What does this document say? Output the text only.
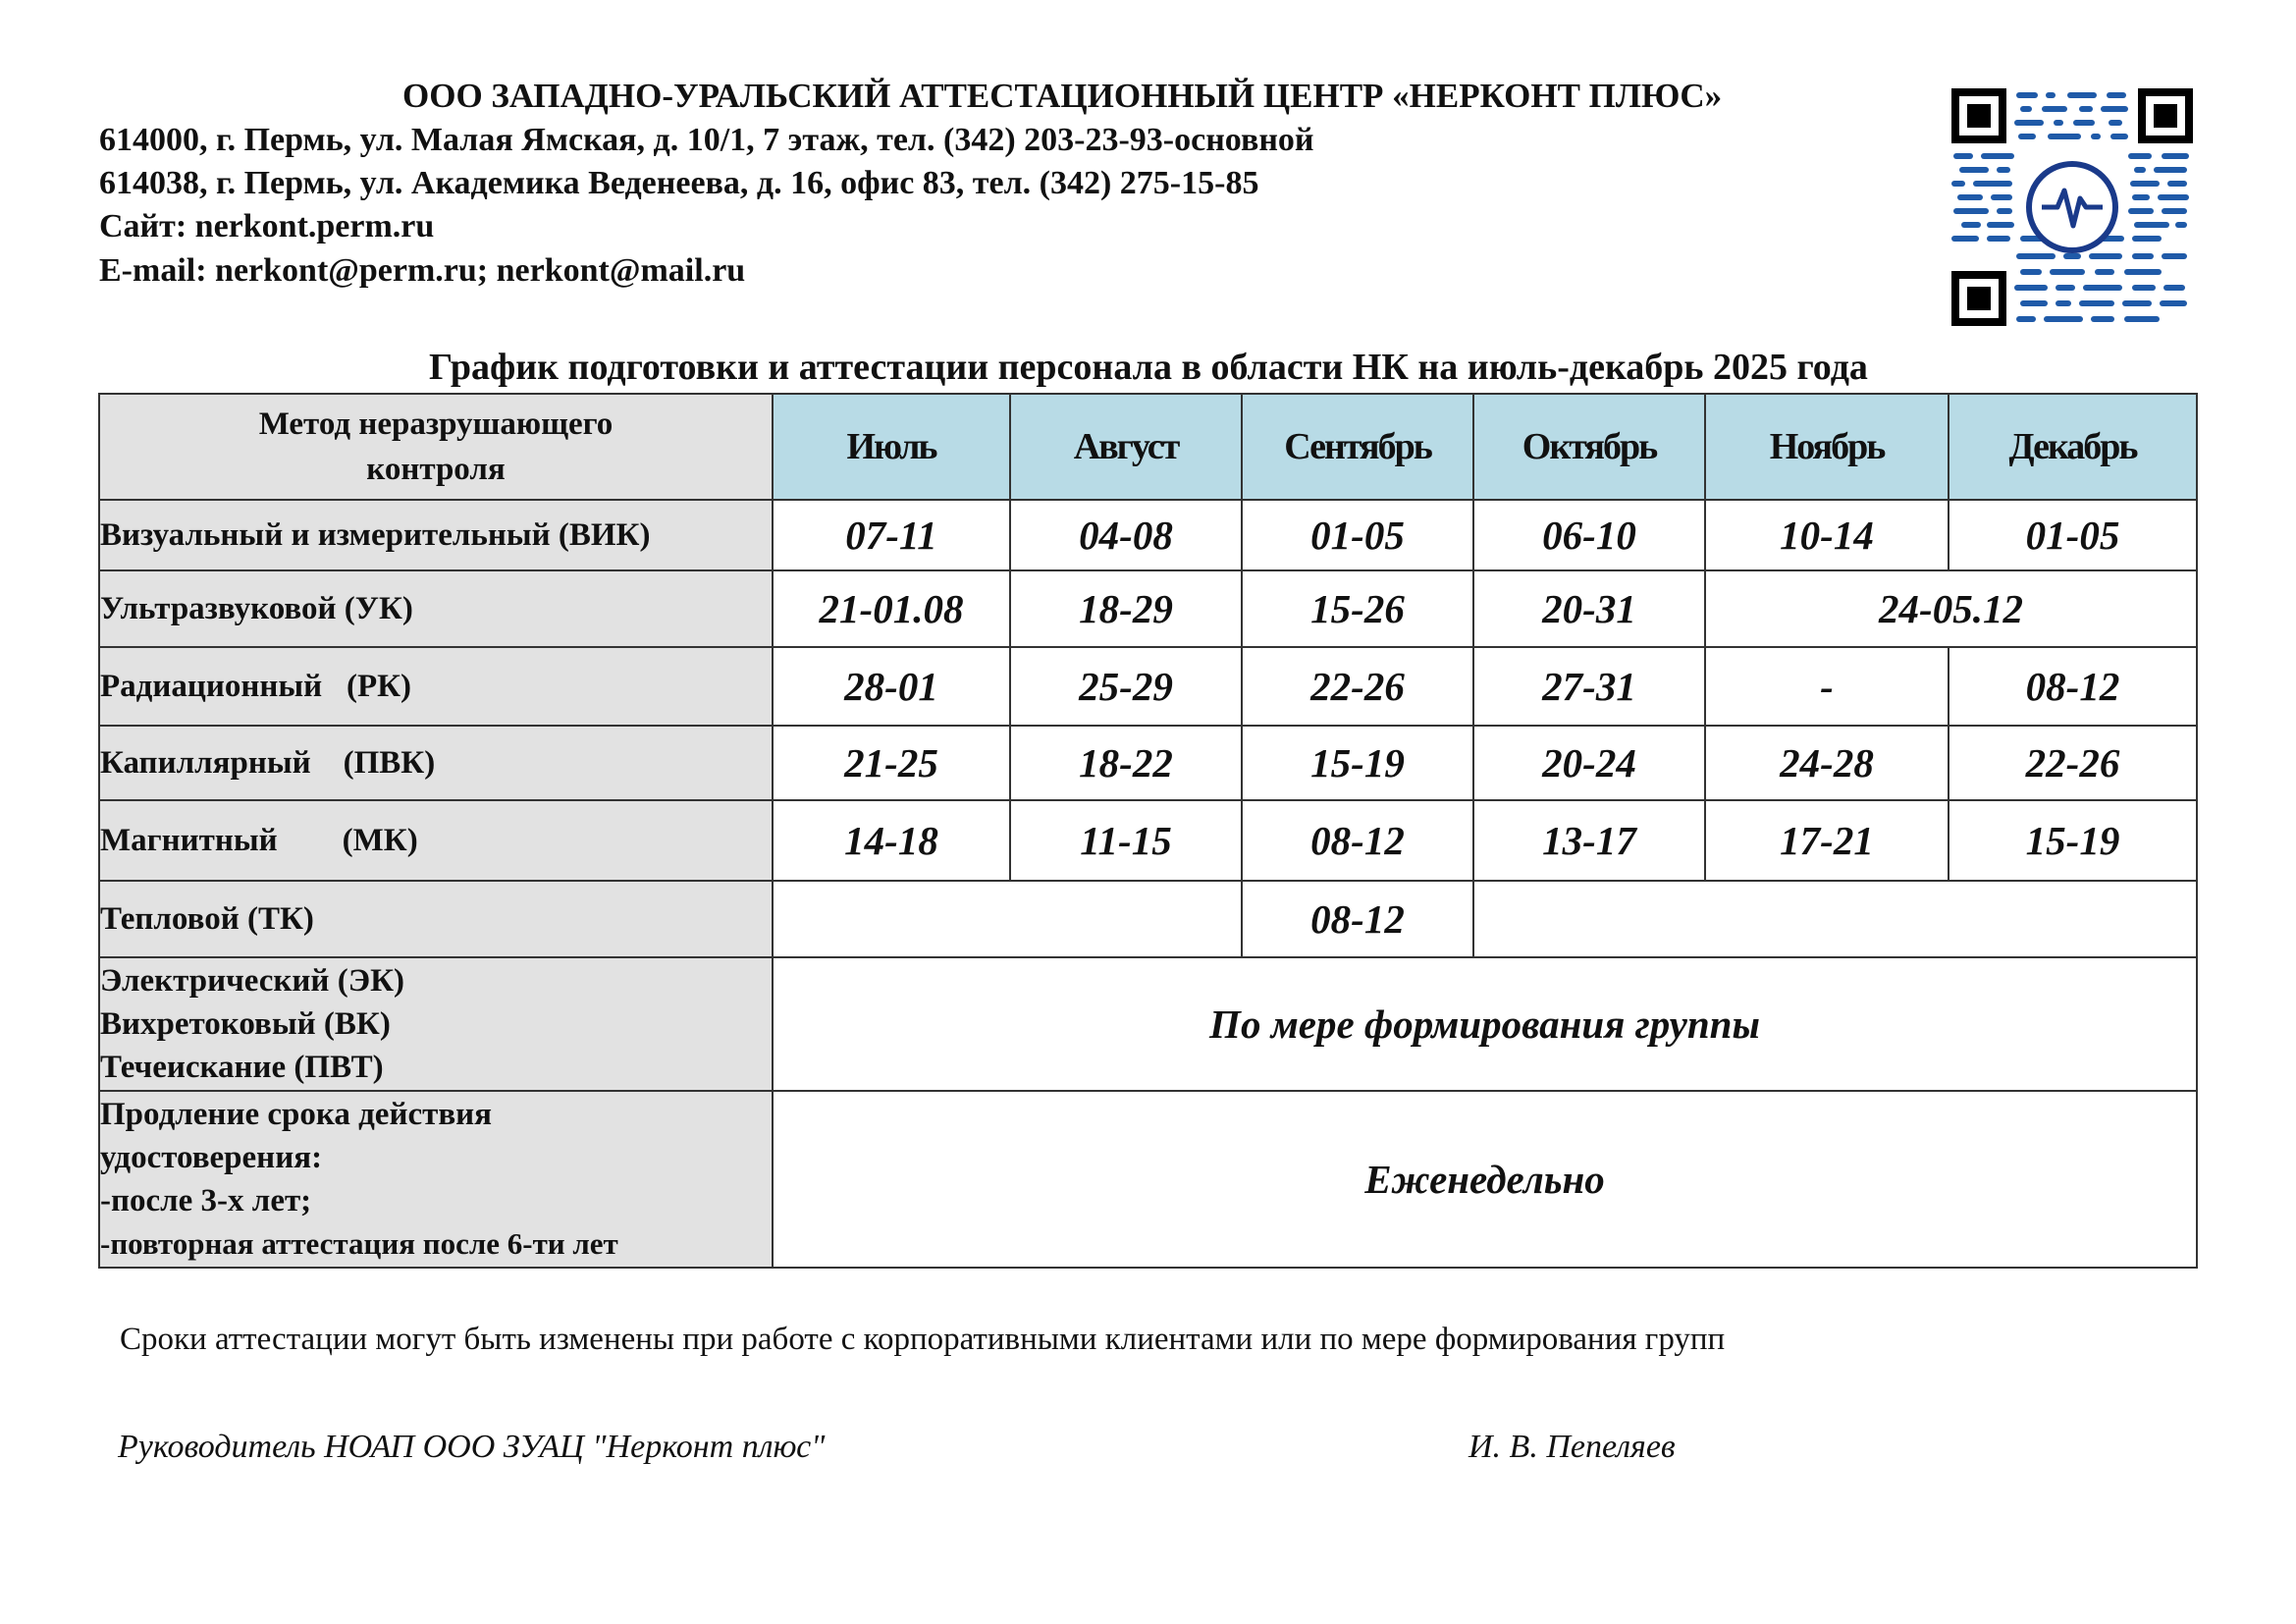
ООО ЗАПАДНО-УРАЛЬСКИЙ АТТЕСТАЦИОННЫЙ ЦЕНТР «НЕРКОНТ ПЛЮС»
614000, г. Пермь, ул. Малая Ямская, д. 10/1, 7 этаж, тел. (342) 203-23-93-основной
614038, г. Пермь, ул. Академика Веденеева, д. 16, офис 83, тел. (342) 275-15-85
Сайт: nerkont.perm.ru
E-mail: nerkont@perm.ru; nerkont@mail.ru
График подготовки и аттестации персонала в области НК на июль-декабрь 2025 года
Метод неразрушающего
контроля	Июль	Август	Сентябрь	Октябрь	Ноябрь	Декабрь
Визуальный и измерительный (ВИК)	07-11	04-08	01-05	06-10	10-14	01-05
Ультразвуковой (УК)	21-01.08	18-29	15-26	20-31	24-05.12	
Радиационный   (РК)	28-01	25-29	22-26	27-31	-	08-12
Капиллярный    (ПВК)	21-25	18-22	15-19	20-24	24-28	22-26
Магнитный        (МК)	14-18	11-15	08-12	13-17	17-21	15-19
Тепловой (ТК)			08-12			

Электрический (ЭК)
Вихретоковый (ВК)
Течеискание (ПВТ)	По мере формирования группы					

Продление срока действия
удостоверения:
-после 3-х лет;
-повторная аттестация после 6-ти лет	Еженедельно					
Сроки аттестации могут быть изменены при работе с корпоративными клиентами или по мере формирования групп
Руководитель НОАП ООО ЗУАЦ "Нерконт плюс"	И. В. Пепеляев
